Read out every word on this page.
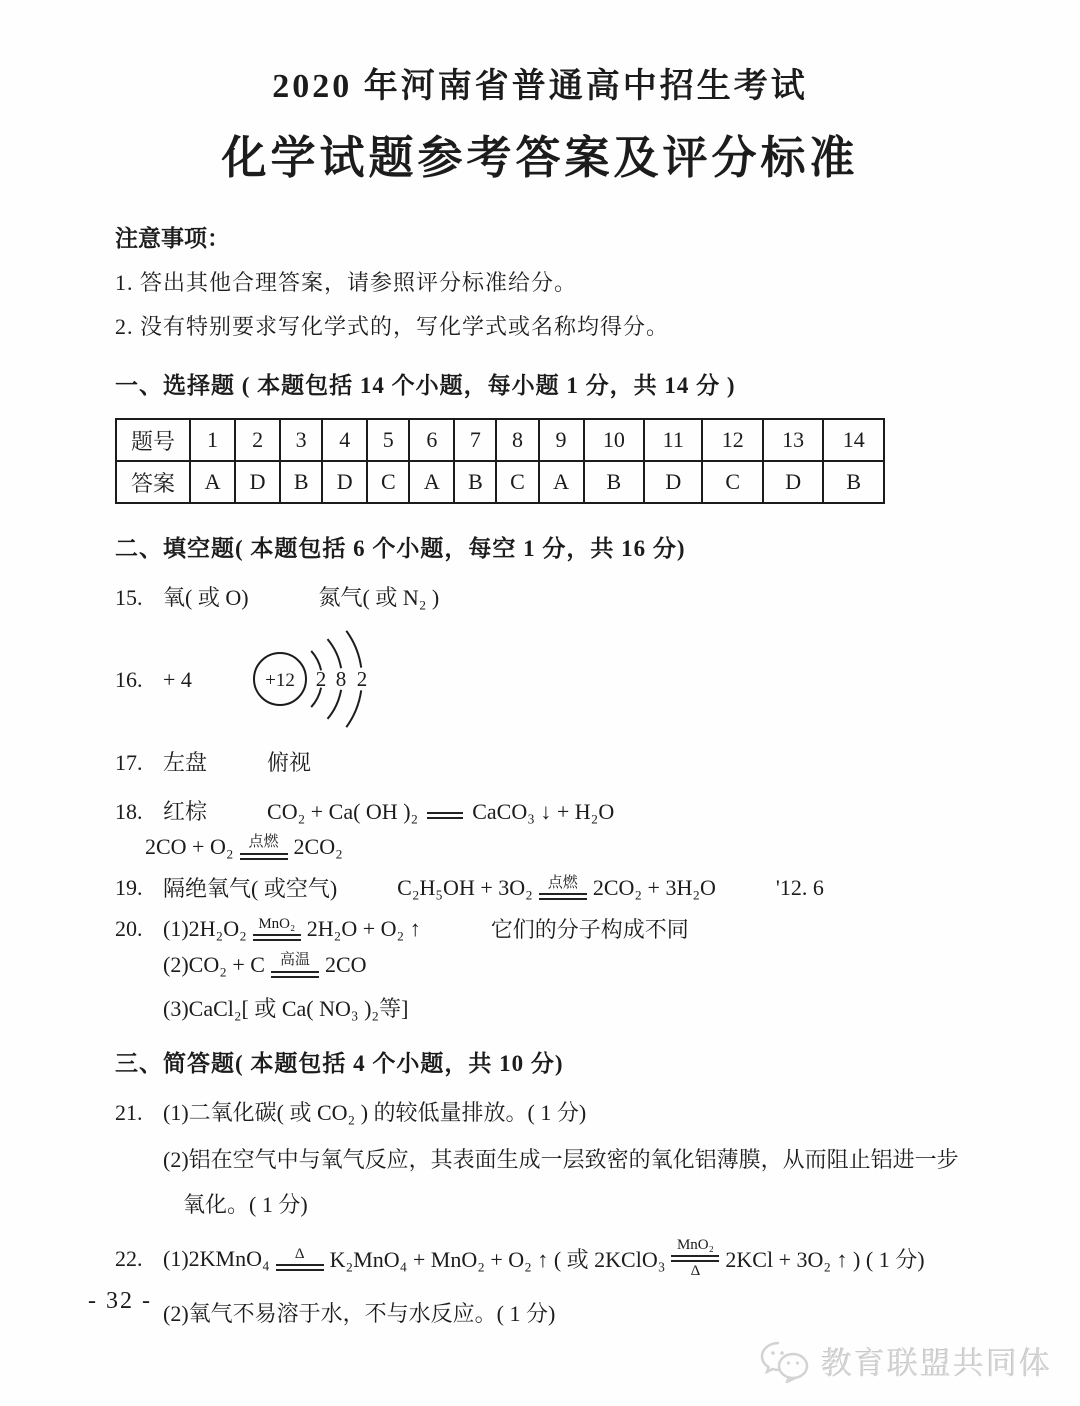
2020 年河南省普通高中招生考试
化学试题参考答案及评分标准
注意事项：
1. 答出其他合理答案，请参照评分标准给分。
2. 没有特别要求写化学式的，写化学式或名称均得分。
一、选择题 ( 本题包括 14 个小题，每小题 1 分，共 14 分 )
题号	1	2	3	4	5	6	7	8	9	10	11	12	13	14
答案	A	D	B	D	C	A	B	C	A	B	D	C	D	B
二、填空题( 本题包括 6 个小题，每空 1 分，共 16 分)
15. 氧( 或 O)	氮气( 或 N₂ )
16. + 4	+12 2 8 2
17. 左盘	俯视
18. 红棕	CO₂ + Ca( OH )₂ CaCO₃ ↓ + H₂O
2CO + O₂ 点燃 2CO₂
19. 隔绝氧气( 或空气)	C₂H₅OH + 3O₂ 点燃 2CO₂ + 3H₂O	'12. 6
20. (1)2H₂O₂ MnO₂ 2H₂O + O₂ ↑	它们的分子构成不同
(2)CO₂ + C 高温 2CO
(3)CaCl₂[ 或 Ca( NO₃ )₂等]
三、简答题( 本题包括 4 个小题，共 10 分)
21. (1)二氧化碳( 或 CO₂ ) 的较低量排放。( 1 分)
(2)铝在空气中与氧气反应，其表面生成一层致密的氧化铝薄膜，从而阻止铝进一步
氧化。( 1 分)
22. (1)2KMnO₄ Δ K₂MnO₄ + MnO₂ + O₂ ↑ ( 或 2KClO₃
MnO₂
Δ 2KCl + 3O₂ ↑ ) ( 1 分)
(2)氧气不易溶于水，不与水反应。( 1 分)
- 32 -
教育联盟共同体
